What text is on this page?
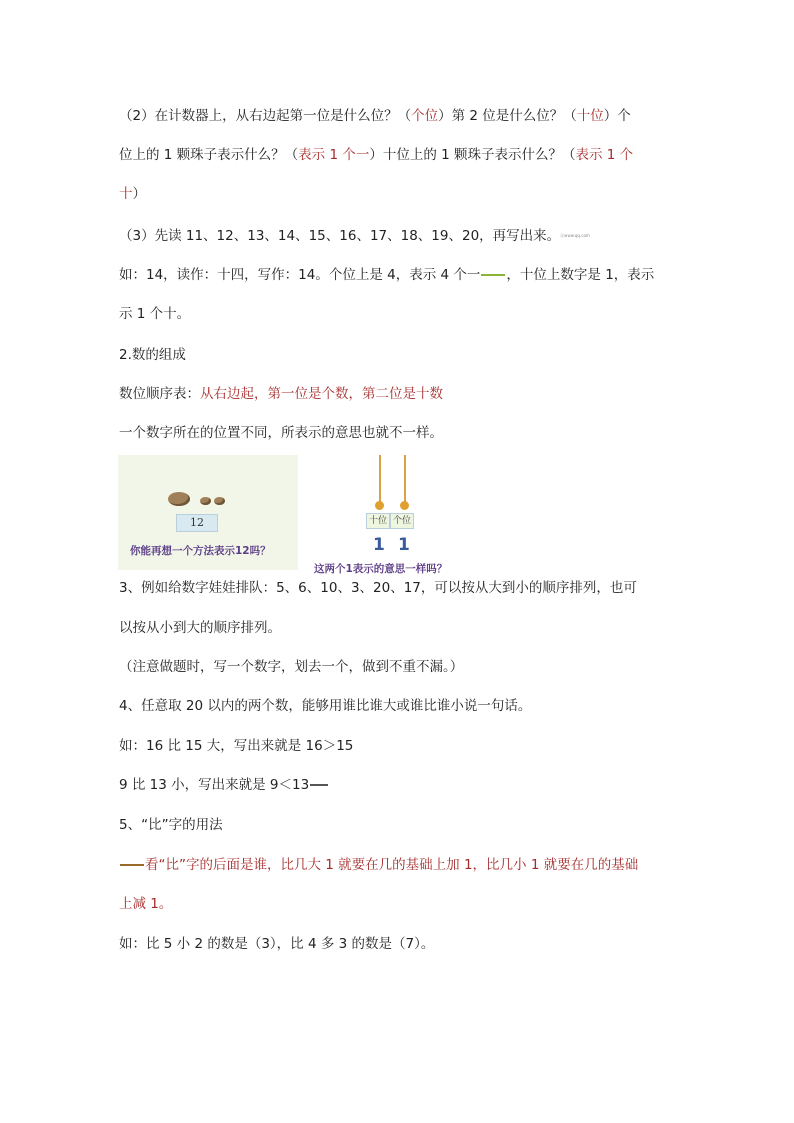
（2）在计数器上，从右边起第一位是什么位？（个位）第 2 位是什么位？（十位）个
位上的 1 颗珠子表示什么？（表示 1 个一）十位上的 1 颗珠子表示什么？（表示 1 个
十）
（3）先读 11、12、13、14、15、16、17、18、19、20，再写出来。Ⓐwww.qq.com
如：14，读作：十四，写作：14。个位上是 4，表示 4 个一 ，十位上数字是 1，表示
示 1 个十。
2.数的组成
数位顺序表：从右边起，第一位是个数，第二位是十数
一个数字所在的位置不同，所表示的意思也就不一样。
12
你能再想一个方法表示12吗？
十位 个位
1 1
这两个1表示的意思一样吗？
3、例如给数字娃娃排队：5、6、10、3、20、17，可以按从大到小的顺序排列，也可
以按从小到大的顺序排列。
（注意做题时，写一个数字，划去一个，做到不重不漏。）
4、任意取 20 以内的两个数，能够用谁比谁大或谁比谁小说一句话。
如：16 比 15 大，写出来就是 16＞15
9 比 13 小，写出来就是 9＜13
5、“比”字的用法
看“比”字的后面是谁，比几大 1 就要在几的基础上加 1，比几小 1 就要在几的基础
上减 1。
如：比 5 小 2 的数是（3），比 4 多 3 的数是（7）。
